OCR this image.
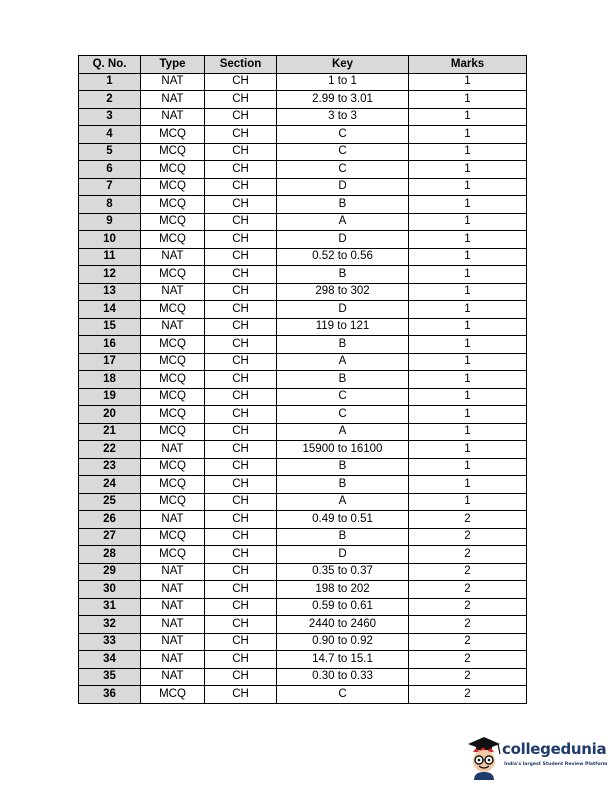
Q. No.	Type	Section	Key	Marks
1	NAT	CH	1 to 1	1
2	NAT	CH	2.99 to 3.01	1
3	NAT	CH	3 to 3	1
4	MCQ	CH	C	1
5	MCQ	CH	C	1
6	MCQ	CH	C	1
7	MCQ	CH	D	1
8	MCQ	CH	B	1
9	MCQ	CH	A	1
10	MCQ	CH	D	1
11	NAT	CH	0.52 to 0.56	1
12	MCQ	CH	B	1
13	NAT	CH	298 to 302	1
14	MCQ	CH	D	1
15	NAT	CH	119 to 121	1
16	MCQ	CH	B	1
17	MCQ	CH	A	1
18	MCQ	CH	B	1
19	MCQ	CH	C	1
20	MCQ	CH	C	1
21	MCQ	CH	A	1
22	NAT	CH	15900 to 16100	1
23	MCQ	CH	B	1
24	MCQ	CH	B	1
25	MCQ	CH	A	1
26	NAT	CH	0.49 to 0.51	2
27	MCQ	CH	B	2
28	MCQ	CH	D	2
29	NAT	CH	0.35 to 0.37	2
30	NAT	CH	198 to 202	2
31	NAT	CH	0.59 to 0.61	2
32	NAT	CH	2440 to 2460	2
33	NAT	CH	0.90 to 0.92	2
34	NAT	CH	14.7 to 15.1	2
35	NAT	CH	0.30 to 0.33	2
36	MCQ	CH	C	2
collegedunia
India's largest Student Review Platform
